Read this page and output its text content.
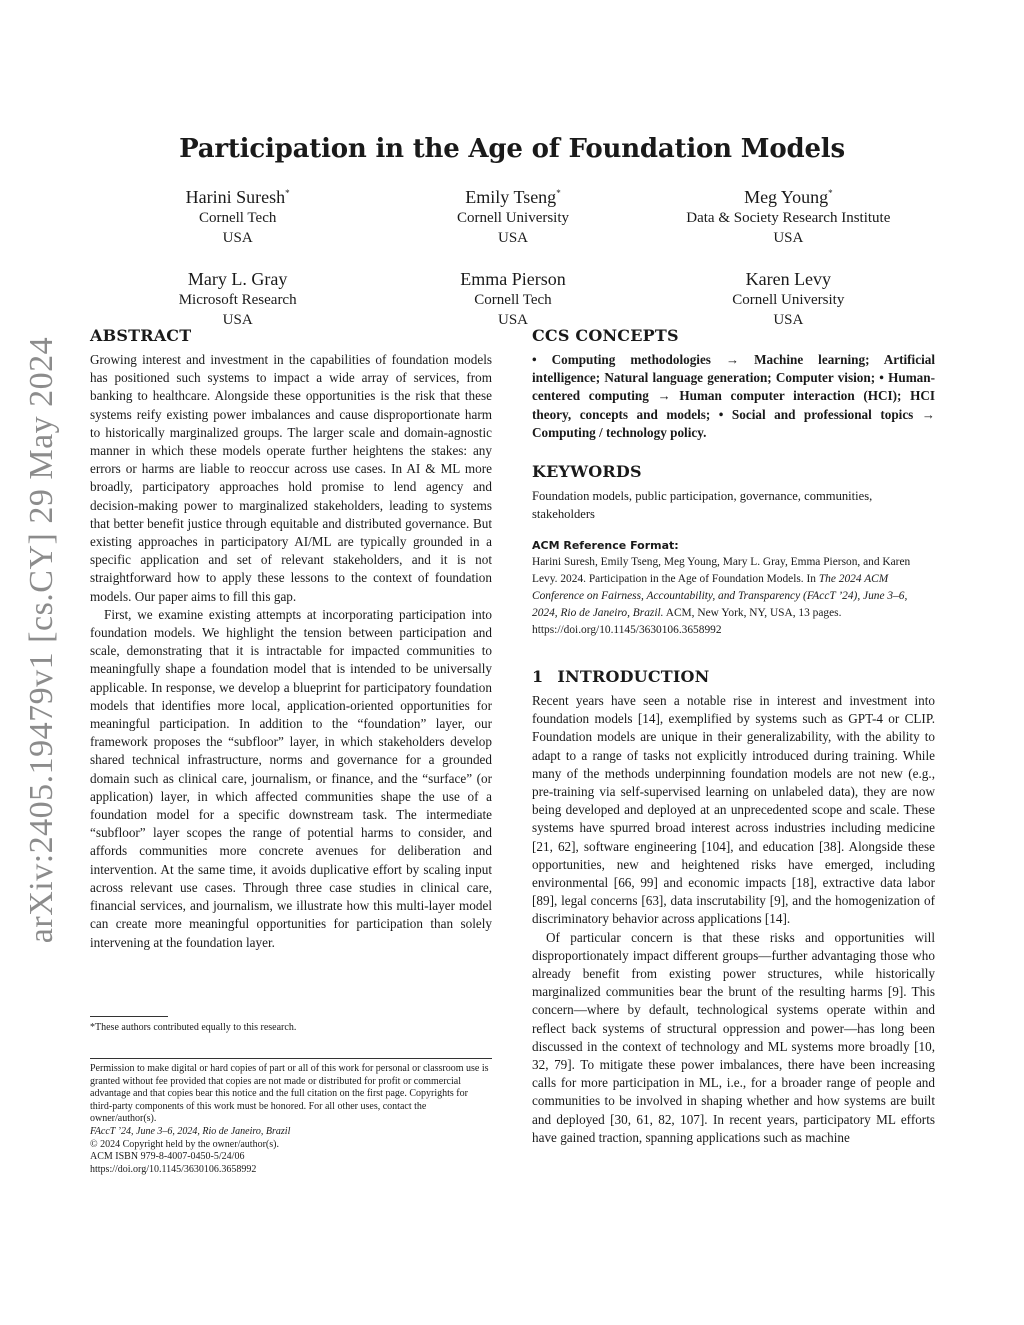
arXiv:2405.19479v1 [cs.CY] 29 May 2024
Participation in the Age of Foundation Models
Harini Suresh*
Cornell Tech
USA
Emily Tseng*
Cornell University
USA
Meg Young*
Data & Society Research Institute
USA
Mary L. Gray
Microsoft Research
USA
Emma Pierson
Cornell Tech
USA
Karen Levy
Cornell University
USA
ABSTRACT

Growing interest and investment in the capabilities of foundation models has positioned such systems to impact a wide array of services, from banking to healthcare. Alongside these opportunities is the risk that these systems reify existing power imbalances and cause disproportionate harm to historically marginalized groups. The larger scale and domain-agnostic manner in which these models operate further heightens the stakes: any errors or harms are liable to reoccur across use cases. In AI & ML more broadly, participatory approaches hold promise to lend agency and decision-making power to marginalized stakeholders, leading to systems that better benefit justice through equitable and distributed governance. But existing approaches in participatory AI/ML are typically grounded in a specific application and set of relevant stakeholders, and it is not straightforward how to apply these lessons to the context of foundation models. Our paper aims to fill this gap.

First, we examine existing attempts at incorporating participation into foundation models. We highlight the tension between participation and scale, demonstrating that it is intractable for impacted communities to meaningfully shape a foundation model that is intended to be universally applicable. In response, we develop a blueprint for participatory foundation models that identifies more local, application-oriented opportunities for meaningful participation. In addition to the “foundation” layer, our framework proposes the “subfloor” layer, in which stakeholders develop shared technical infrastructure, norms and governance for a grounded domain such as clinical care, journalism, or finance, and the “surface” (or application) layer, in which affected communities shape the use of a foundation model for a specific downstream task. The intermediate “subfloor” layer scopes the range of potential harms to consider, and affords communities more concrete avenues for deliberation and intervention. At the same time, it avoids duplicative effort by scaling input across relevant use cases. Through three case studies in clinical care, financial services, and journalism, we illustrate how this multi-layer model can create more meaningful opportunities for participation than solely intervening at the foundation layer.

*These authors contributed equally to this research.
Permission to make digital or hard copies of part or all of this work for personal or classroom use is granted without fee provided that copies are not made or distributed for profit or commercial advantage and that copies bear this notice and the full citation on the first page. Copyrights for third-party components of this work must be honored. For all other uses, contact the owner/author(s).
FAccT ’24, June 3–6, 2024, Rio de Janeiro, Brazil
© 2024 Copyright held by the owner/author(s).
ACM ISBN 979-8-4007-0450-5/24/06
https://doi.org/10.1145/3630106.3658992
CCS CONCEPTS
• Computing methodologies → Machine learning; Artificial intelligence; Natural language generation; Computer vision; • Human-centered computing → Human computer interaction (HCI); HCI theory, concepts and models; • Social and professional topics → Computing / technology policy.
KEYWORDS
Foundation models, public participation, governance, communities, stakeholders
ACM Reference Format:
Harini Suresh, Emily Tseng, Meg Young, Mary L. Gray, Emma Pierson, and Karen Levy. 2024. Participation in the Age of Foundation Models. In The 2024 ACM Conference on Fairness, Accountability, and Transparency (FAccT ’24), June 3–6, 2024, Rio de Janeiro, Brazil. ACM, New York, NY, USA, 13 pages. https://doi.org/10.1145/3630106.3658992
1 INTRODUCTION

Recent years have seen a notable rise in interest and investment into foundation models [14], exemplified by systems such as GPT-4 or CLIP. Foundation models are unique in their generalizability, with the ability to adapt to a range of tasks not explicitly introduced during training. While many of the methods underpinning foundation models are not new (e.g., pre-training via self-supervised learning on unlabeled data), they are now being developed and deployed at an unprecedented scope and scale. These systems have spurred broad interest across industries including medicine [21, 62], software engineering [104], and education [38]. Alongside these opportunities, new and heightened risks have emerged, including environmental [66, 99] and economic impacts [18], extractive data labor [89], legal concerns [63], data inscrutability [9], and the homogenization of discriminatory behavior across applications [14].

Of particular concern is that these risks and opportunities will disproportionately impact different groups—further advantaging those who already benefit from existing power structures, while historically marginalized communities bear the brunt of the resulting harms [9]. This concern—where by default, technological systems operate within and reflect back systems of structural oppression and power—has long been discussed in the context of technology and ML systems more broadly [10, 32, 79]. To mitigate these power imbalances, there have been increasing calls for more participation in ML, i.e., for a broader range of people and communities to be involved in shaping whether and how systems are built and deployed [30, 61, 82, 107]. In recent years, participatory ML efforts have gained traction, spanning applications such as machine
